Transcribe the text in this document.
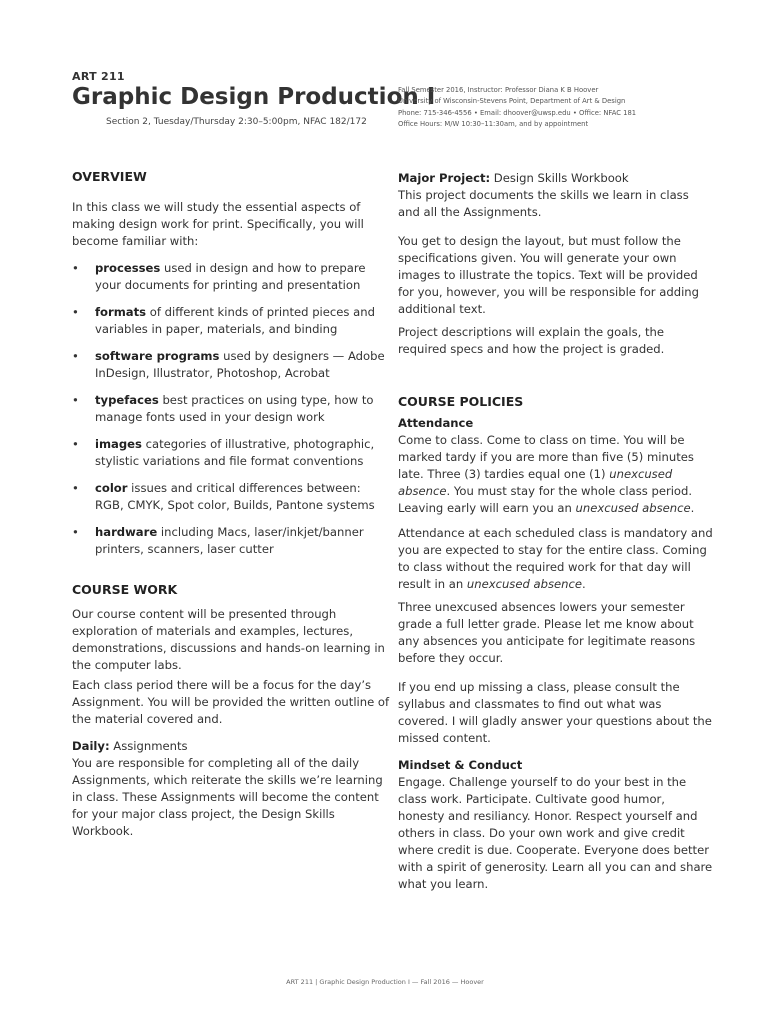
ART 211
Graphic Design Production I
Section 2, Tuesday/Thursday 2:30–5:00pm, NFAC 182/172
Fall Semester 2016, Instructor: Professor Diana K B Hoover
University of Wisconsin-Stevens Point, Department of Art & Design
Phone: 715-346-4556 • Email: dhoover@uwsp.edu • Office: NFAC 181
Office Hours: M/W 10:30–11:30am, and by appointment
OVERVIEW

In this class we will study the essential aspects of making design work for print. Specifically, you will become familiar with:

• processes used in design and how to prepare your documents for printing and presentation
• formats of different kinds of printed pieces and variables in paper, materials, and binding
• software programs used by designers — Adobe InDesign, Illustrator, Photoshop, Acrobat
• typefaces best practices on using type, how to manage fonts used in your design work
• images categories of illustrative, photographic, stylistic variations and file format conventions
• color issues and critical differences between: RGB, CMYK, Spot color, Builds, Pantone systems
• hardware including Macs, laser/inkjet/banner printers, scanners, laser cutter
COURSE WORK

Our course content will be presented through exploration of materials and examples, lectures, demonstrations, discussions and hands-on learning in the computer labs.

Each class period there will be a focus for the day’s Assignment. You will be provided the written outline of the material covered and.

Daily: Assignments

You are responsible for completing all of the daily Assignments, which reiterate the skills we’re learning in class. These Assignments will become the content for your major class project, the Design Skills Workbook.

Major Project: Design Skills Workbook

This project documents the skills we learn in class and all the Assignments.

You get to design the layout, but must follow the specifications given. You will generate your own images to illustrate the topics. Text will be provided for you, however, you will be responsible for adding additional text.

Project descriptions will explain the goals, the required specs and how the project is graded.

COURSE POLICIES
Attendance

Come to class. Come to class on time. You will be marked tardy if you are more than five (5) minutes late. Three (3) tardies equal one (1) unexcused absence. You must stay for the whole class period. Leaving early will earn you an unexcused absence.

Attendance at each scheduled class is mandatory and you are expected to stay for the entire class. Coming to class without the required work for that day will result in an unexcused absence.

Three unexcused absences lowers your semester grade a full letter grade. Please let me know about any absences you anticipate for legitimate reasons before they occur.

If you end up missing a class, please consult the syllabus and classmates to find out what was covered. I will gladly answer your questions about the missed content.

Mindset & Conduct

Engage. Challenge yourself to do your best in the class work. Participate. Cultivate good humor, honesty and resiliancy. Honor. Respect yourself and others in class. Do your own work and give credit where credit is due. Cooperate. Everyone does better with a spirit of generosity. Learn all you can and share what you learn.

ART 211 | Graphic Design Production I — Fall 2016 — Hoover
